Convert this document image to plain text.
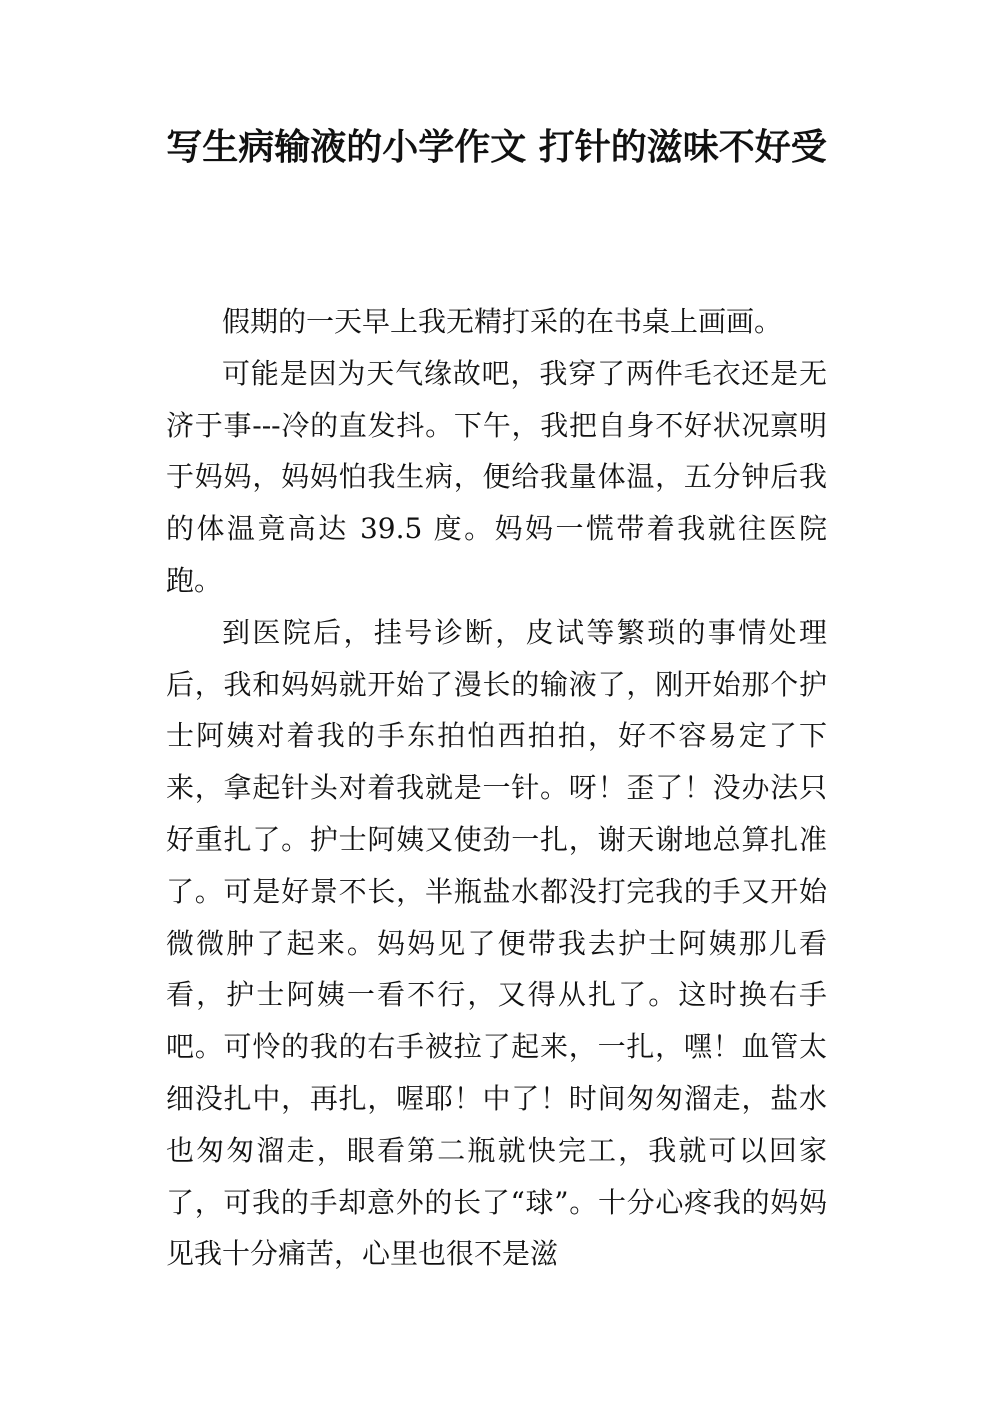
写生病输液的小学作文 打针的滋味不好受

假期的一天早上我无精打采的在书桌上画画。

可能是因为天气缘故吧，我穿了两件毛衣还是无济于事---冷的直发抖。下午，我把自身不好状况禀明于妈妈，妈妈怕我生病，便给我量体温，五分钟后我的体温竟高达 39.5 度。妈妈一慌带着我就往医院跑。

到医院后，挂号诊断，皮试等繁琐的事情处理后，我和妈妈就开始了漫长的输液了，刚开始那个护士阿姨对着我的手东拍怕西拍拍，好不容易定了下来，拿起针头对着我就是一针。呀！歪了！没办法只好重扎了。护士阿姨又使劲一扎，谢天谢地总算扎准了。可是好景不长，半瓶盐水都没打完我的手又开始微微肿了起来。妈妈见了便带我去护士阿姨那儿看看，护士阿姨一看不行，又得从扎了。这时换右手吧。可怜的我的右手被拉了起来，一扎，嘿！血管太细没扎中，再扎，喔耶！中了！时间匆匆溜走，盐水也匆匆溜走，眼看第二瓶就快完工，我就可以回家了，可我的手却意外的长了“球”。十分心疼我的妈妈见我十分痛苦，心里也很不是滋
